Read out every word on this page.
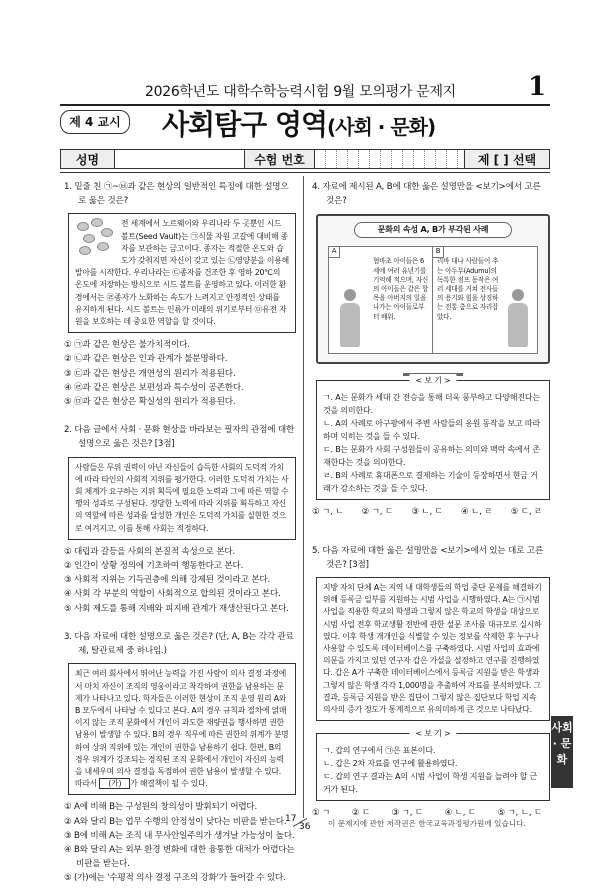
2026학년도 대학수학능력시험 9월 모의평가 문제지	1
제 4 교시	사회탐구 영역(사회 · 문화)
성명	수험 번호	제 [ ] 선택
1. 밑줄 친 ㉠~㉥과 같은 현상의 일반적인 특징에 대한 설명으로 옳은 것은?
전 세계에서 노르웨이와 우리나라 두 곳뿐인 시드 볼트(Seed Vault)는 ㉠식물 자원 고갈에 대비해 종자를 보관하는 금고이다. 종자는 적절한 온도와 습도가 갖춰지면 자신이 갖고 있는 ㉡영양분을 이용해 발아를 시작한다. 우리나라는 ㉢종자를 건조한 후 영하 20℃의 온도에 저장하는 방식으로 시드 볼트를 운영하고 있다. 이러한 환경에서는 ㉣종자가 노화하는 속도가 느려지고 안정적인 상태를 유지하게 된다. 시드 볼트는 인류가 미래의 위기로부터 ㉤유전 자원을 보호하는 데 중요한 역할을 할 것이다.
① ㉠과 같은 현상은 불가치적이다.
② ㉡과 같은 현상은 인과 관계가 불분명하다.
③ ㉢과 같은 현상은 개연성의 원리가 적용된다.
④ ㉣과 같은 현상은 보편성과 특수성이 공존한다.
⑤ ㉤과 같은 현상은 확실성의 원리가 적용된다.
2. 다음 글에서 사회 · 문화 현상을 바라보는 필자의 관점에 대한 설명으로 옳은 것은? [3점]
사람들은 무위 권력이 아닌 자신들이 습득한 사회의 도덕적 가치에 따라 타인의 사회적 지위를 평가한다. 이러한 도덕적 가치는 사회 체계가 요구하는 지위 획득에 필요한 노력과 그에 따른 역할 수행의 성과로 구성된다. 정당한 노력에 따라 지위를 획득하고 자신의 역할에 따른 성과를 달성한 개인은 도덕적 가치를 실현한 것으로 여겨지고, 이를 통해 사회는 적정하다.
① 대립과 갈등을 사회의 본질적 속성으로 본다.
② 인간이 상황 정의에 기초하여 행동한다고 본다.
③ 사회적 지위는 기득권층에 의해 강제된 것이라고 본다.
④ 사회 각 부분의 역할이 사회적으로 합의된 것이라고 본다.
⑤ 사회 제도를 통해 지배와 피지배 관계가 재생산된다고 본다.
3. 다음 자료에 대한 설명으로 옳은 것은? (단, A, B는 각각 관료제, 탈관료제 중 하나임.)
최근 여러 회사에서 뛰어난 능력을 가진 사람이 의사 결정 과정에서 마치 자신이 조직의 영웅이라고 착각하여 권한을 남용하는 문제가 나타나고 있다. 학자들은 이러한 현상이 조직 운영 원리 A와 B 모두에서 나타날 수 있다고 본다. A의 경우 규칙과 절차에 얽매이지 않는 조직 문화에서 개인이 과도한 재량권을 행사하면 권한 남용이 발생할 수 있다. B의 경우 직무에 따른 권한의 위계가 분명하여 상위 직위에 있는 개인이 권한을 남용하기 쉽다. 한편, B의 경우 위계가 강조되는 경직된 조직 문화에서 개인이 자신의 능력을 내세우며 의사 결정을 독점하여 권한 남용이 발생할 수 있다. 따라서 (가) 가 해결책이 될 수 있다.
① A에 비해 B는 구성원의 창의성이 발휘되기 어렵다.
② A와 달리 B는 업무 수행의 안정성이 낮다는 비판을 받는다.
③ B에 비해 A는 조직 내 무사안일주의가 생겨날 가능성이 높다.
④ B와 달리 A는 외부 환경 변화에 대한 융통한 대처가 어렵다는 비판을 받는다.
⑤ (가)에는 '수평적 의사 결정 구조의 강화'가 들어갈 수 있다.
4. 자료에 제시된 A, B에 대한 옳은 설명만을 <보기>에서 고른 것은?
문화의 속성 A, B가 부각된 사례
A
협바초 아이들은 6세에 여러 유년기를 기억해 적으며, 자신의 아이들은 같은 항목을 아버지의 일을 나가는 아이들로부터 배워.
B
리바 대나 사람들이 추는 아두무(Adumu)의 독특한 점프 동작은 여러 세대를 거쳐 전사들의 용기와 힘을 상징하는 전통 춤으로 자리잡았다.
< 보 기 >
ㄱ. A는 문화가 세대 간 전승을 통해 더욱 풍부하고 다양해진다는 것을 의미한다.
ㄴ. A의 사례로 아구팡에서 주변 사람들의 옹원 동작을 보고 따라하며 익히는 것을 들 수 있다.
ㄷ. B는 문화가 사회 구성원들이 공유하는 의미와 맥락 속에서 존재한다는 것을 의미한다.
ㄹ. B의 사례로 휴대폰으로 결제하는 기술이 등장하면서 현금 거래가 감소하는 것을 들 수 있다.
① ㄱ, ㄴ ② ㄱ, ㄷ ③ ㄴ, ㄷ ④ ㄴ, ㄹ ⑤ ㄷ, ㄹ
5. 다음 자료에 대한 옳은 설명만을 <보기>에서 있는 대로 고른 것은? [3점]
지방 자치 단체 A는 지역 내 대학생들의 학업 중단 문제를 해결하기 위해 등록금 일부를 지원하는 시범 사업을 시행하였다. A는 ㉠시범 사업을 적용한 학교의 학생과 그렇지 않은 학교의 학생을 대상으로 시범 사업 전후 학교생활 전반에 관한 설문 조사를 대규모로 실시하였다. 이후 학생 개개인을 식별할 수 있는 정보를 삭제한 후 누구나 사용할 수 있도록 데이터베이스를 구축하였다. 시범 사업의 효과에 의문을 가지고 있던 연구자 갑은 가설을 설정하고 연구를 진행하였다. 갑은 A가 구축한 데이터베이스에서 등록금 지원을 받은 학생과 그렇지 않은 학생 각각 1,000명을 추출하여 자료를 분석하였다. 그 결과, 등록금 지원을 받은 집단이 그렇지 않은 집단보다 학업 지속 의사의 증가 정도가 통계적으로 유의미하게 큰 것으로 나타났다.
< 보 기 >
ㄱ. 갑의 연구에서 ㉠은 표본이다.
ㄴ. 갑은 2차 자료를 연구에 활용하였다.
ㄷ. 갑의 연구 결과는 A의 시범 사업이 학생 지원을 늘려야 할 근거가 된다.
① ㄱ	② ㄷ	③ ㄱ, ㄷ	④ ㄴ, ㄷ	⑤ ㄱ, ㄴ, ㄷ
사회 · 문화
17
36 이 문제지에 관한 저작권은 한국교육과정평가원에 있습니다.
